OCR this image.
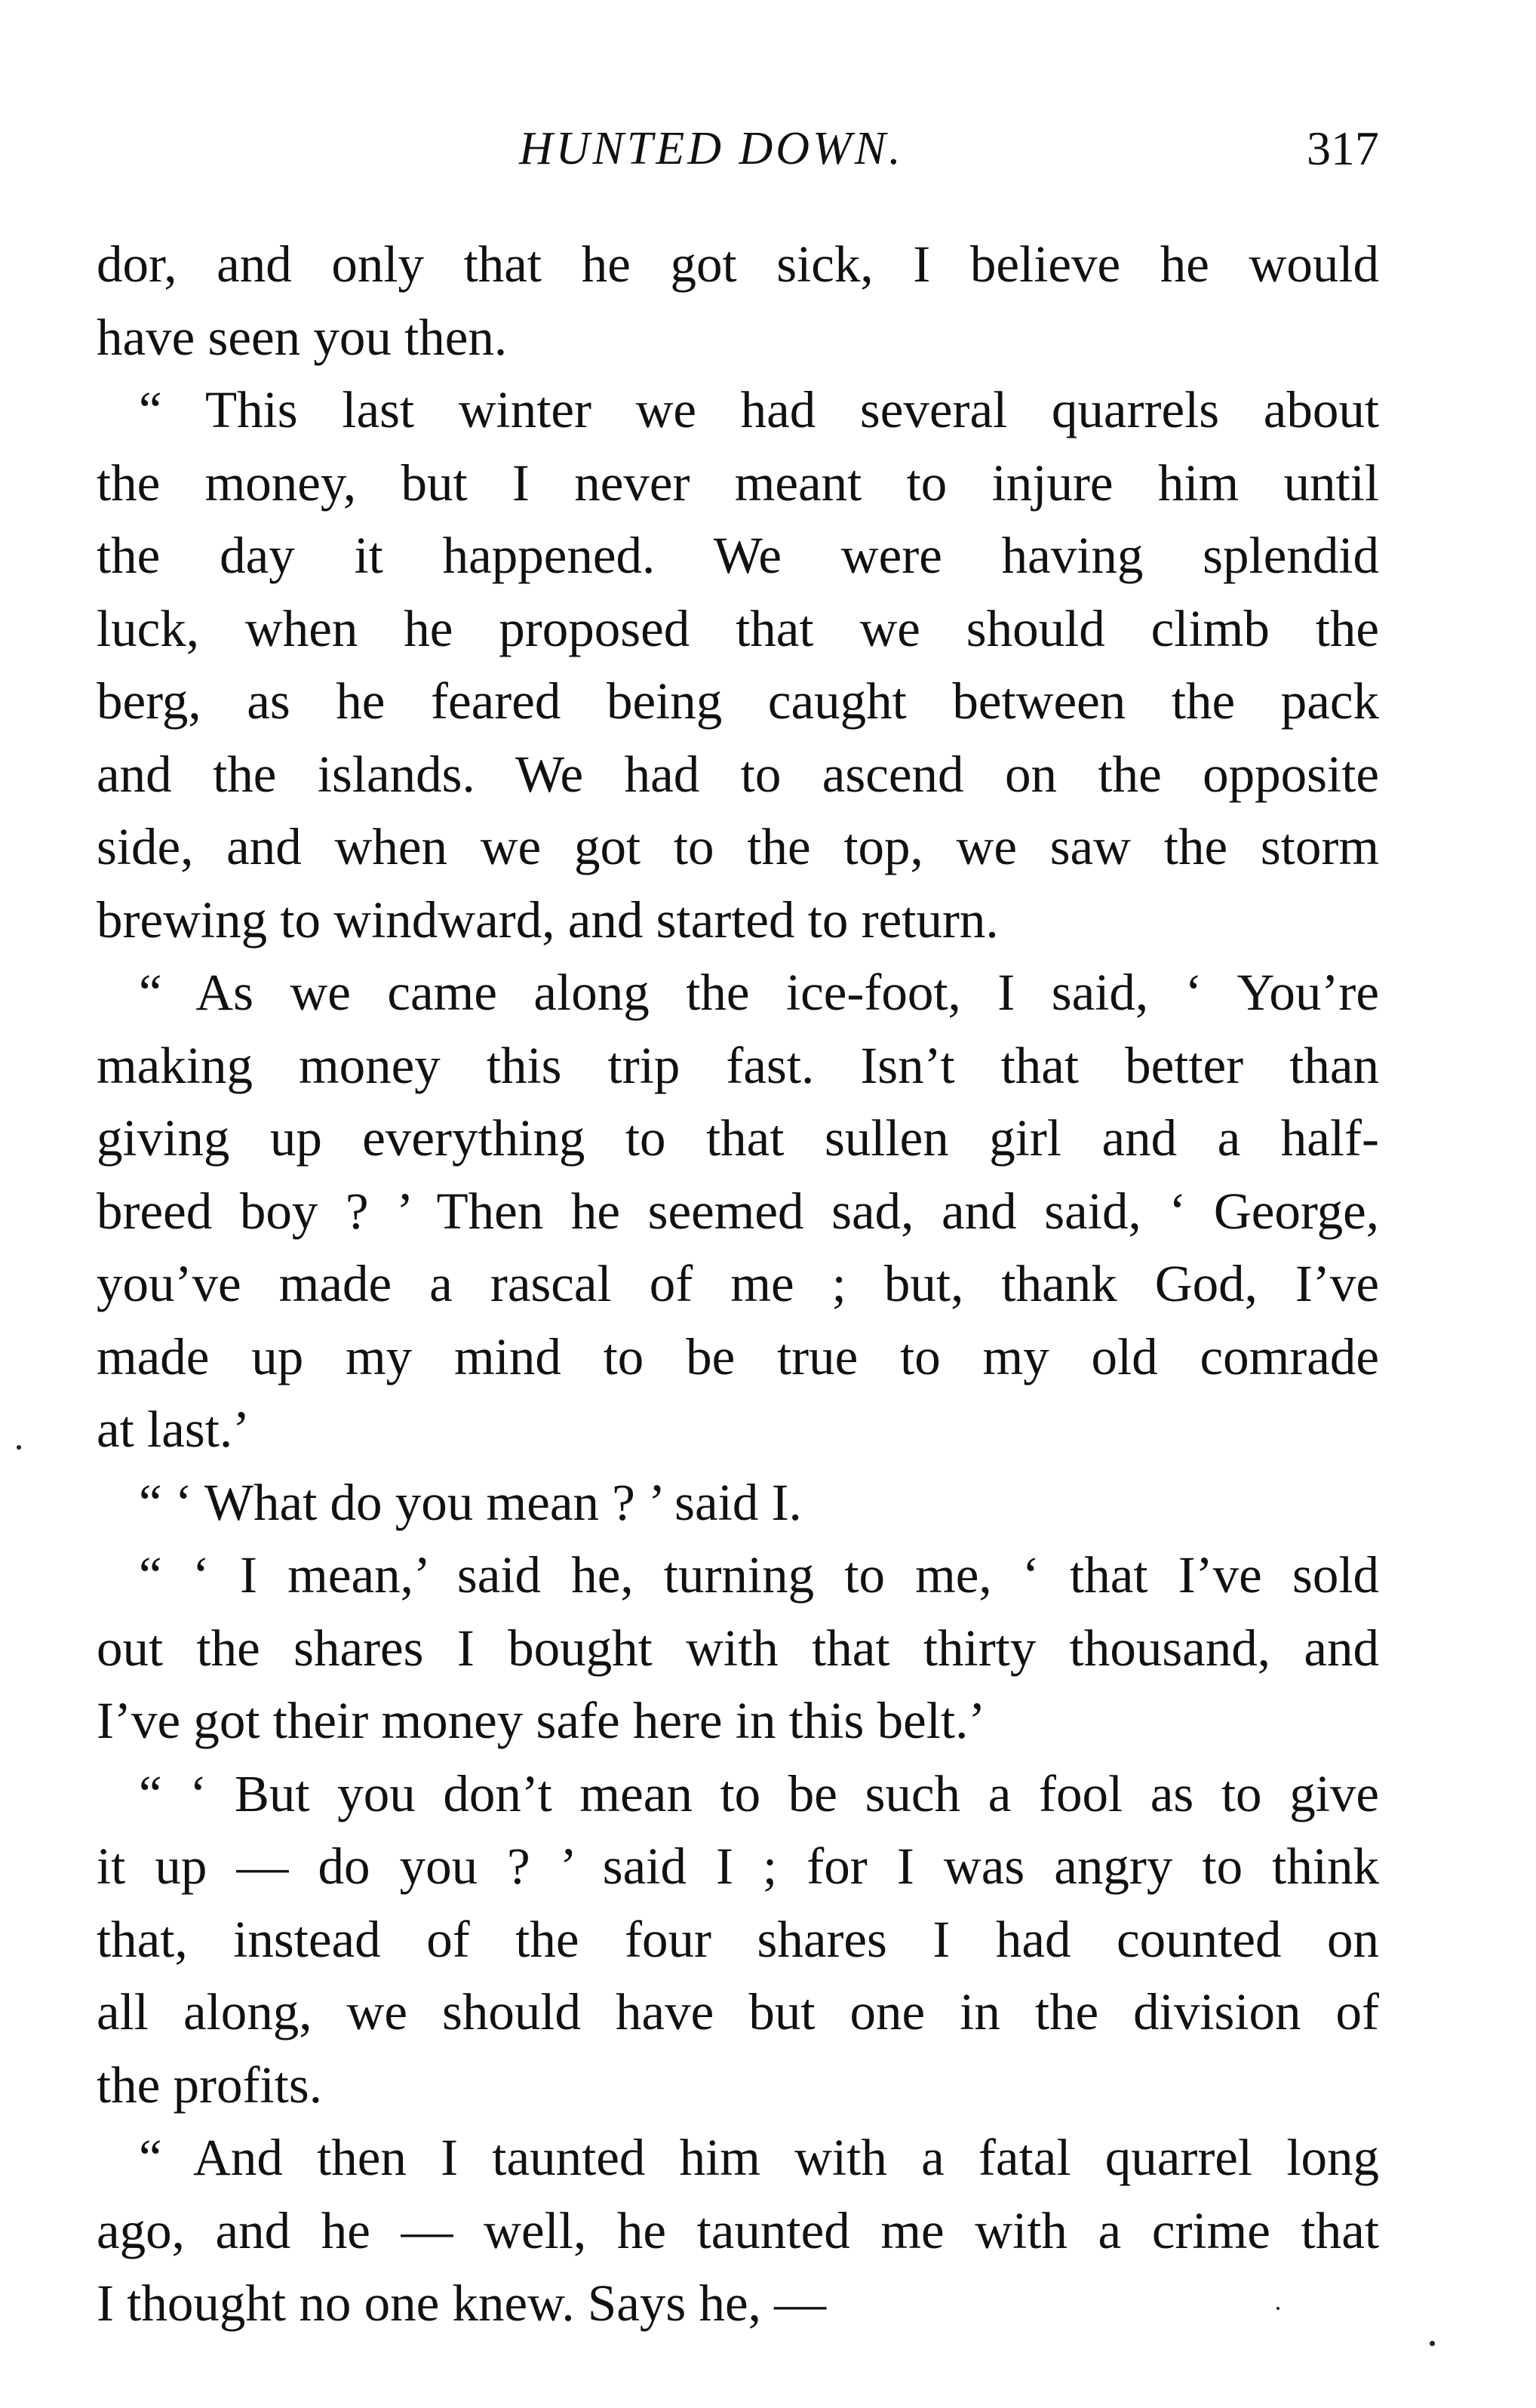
HUNTED DOWN.	317
dor, and only that he got sick, I believe he would
have seen you then.
“ This last winter we had several quarrels about
the money, but I never meant to injure him until
the day it happened. We were having splendid
luck, when he proposed that we should climb the
berg, as he feared being caught between the pack
and the islands. We had to ascend on the opposite
side, and when we got to the top, we saw the storm
brewing to windward, and started to return.
“ As we came along the ice-foot, I said, ‘ You’re
making money this trip fast. Isn’t that better than
giving up everything to that sullen girl and a half-
breed boy ? ’ Then he seemed sad, and said, ‘ George,
you’ve made a rascal of me ; but, thank God, I’ve
made up my mind to be true to my old comrade
at last.’
“ ‘ What do you mean ? ’ said I.
“ ‘ I mean,’ said he, turning to me, ‘ that I’ve sold
out the shares I bought with that thirty thousand, and
I’ve got their money safe here in this belt.’
“ ‘ But you don’t mean to be such a fool as to give
it up — do you ? ’ said I ; for I was angry to think
that, instead of the four shares I had counted on
all along, we should have but one in the division of
the profits.
“ And then I taunted him with a fatal quarrel long
ago, and he — well, he taunted me with a crime that
I thought no one knew. Says he, —
